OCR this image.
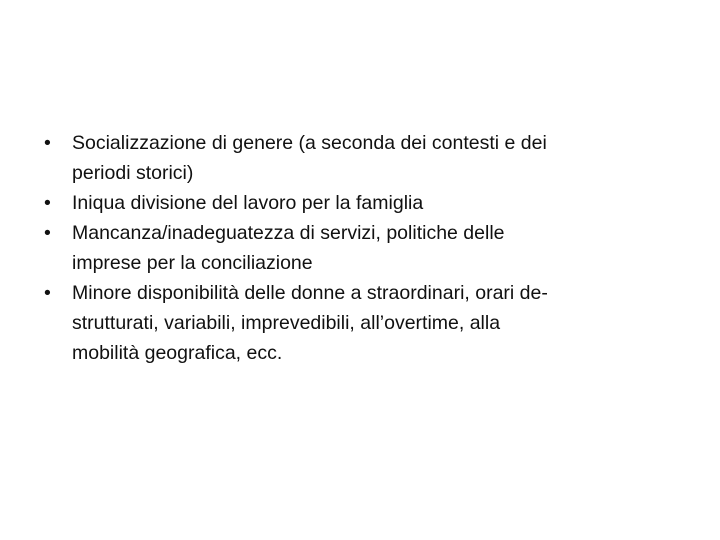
•	Socializzazione di genere (a seconda dei contesti e dei
periodi storici)
•	Iniqua divisione del lavoro per la famiglia
•	Mancanza/inadeguatezza di servizi, politiche delle
imprese per la conciliazione
•	Minore disponibilità delle donne a straordinari, orari de-
strutturati, variabili, imprevedibili, all’overtime, alla
mobilità geografica, ecc.
